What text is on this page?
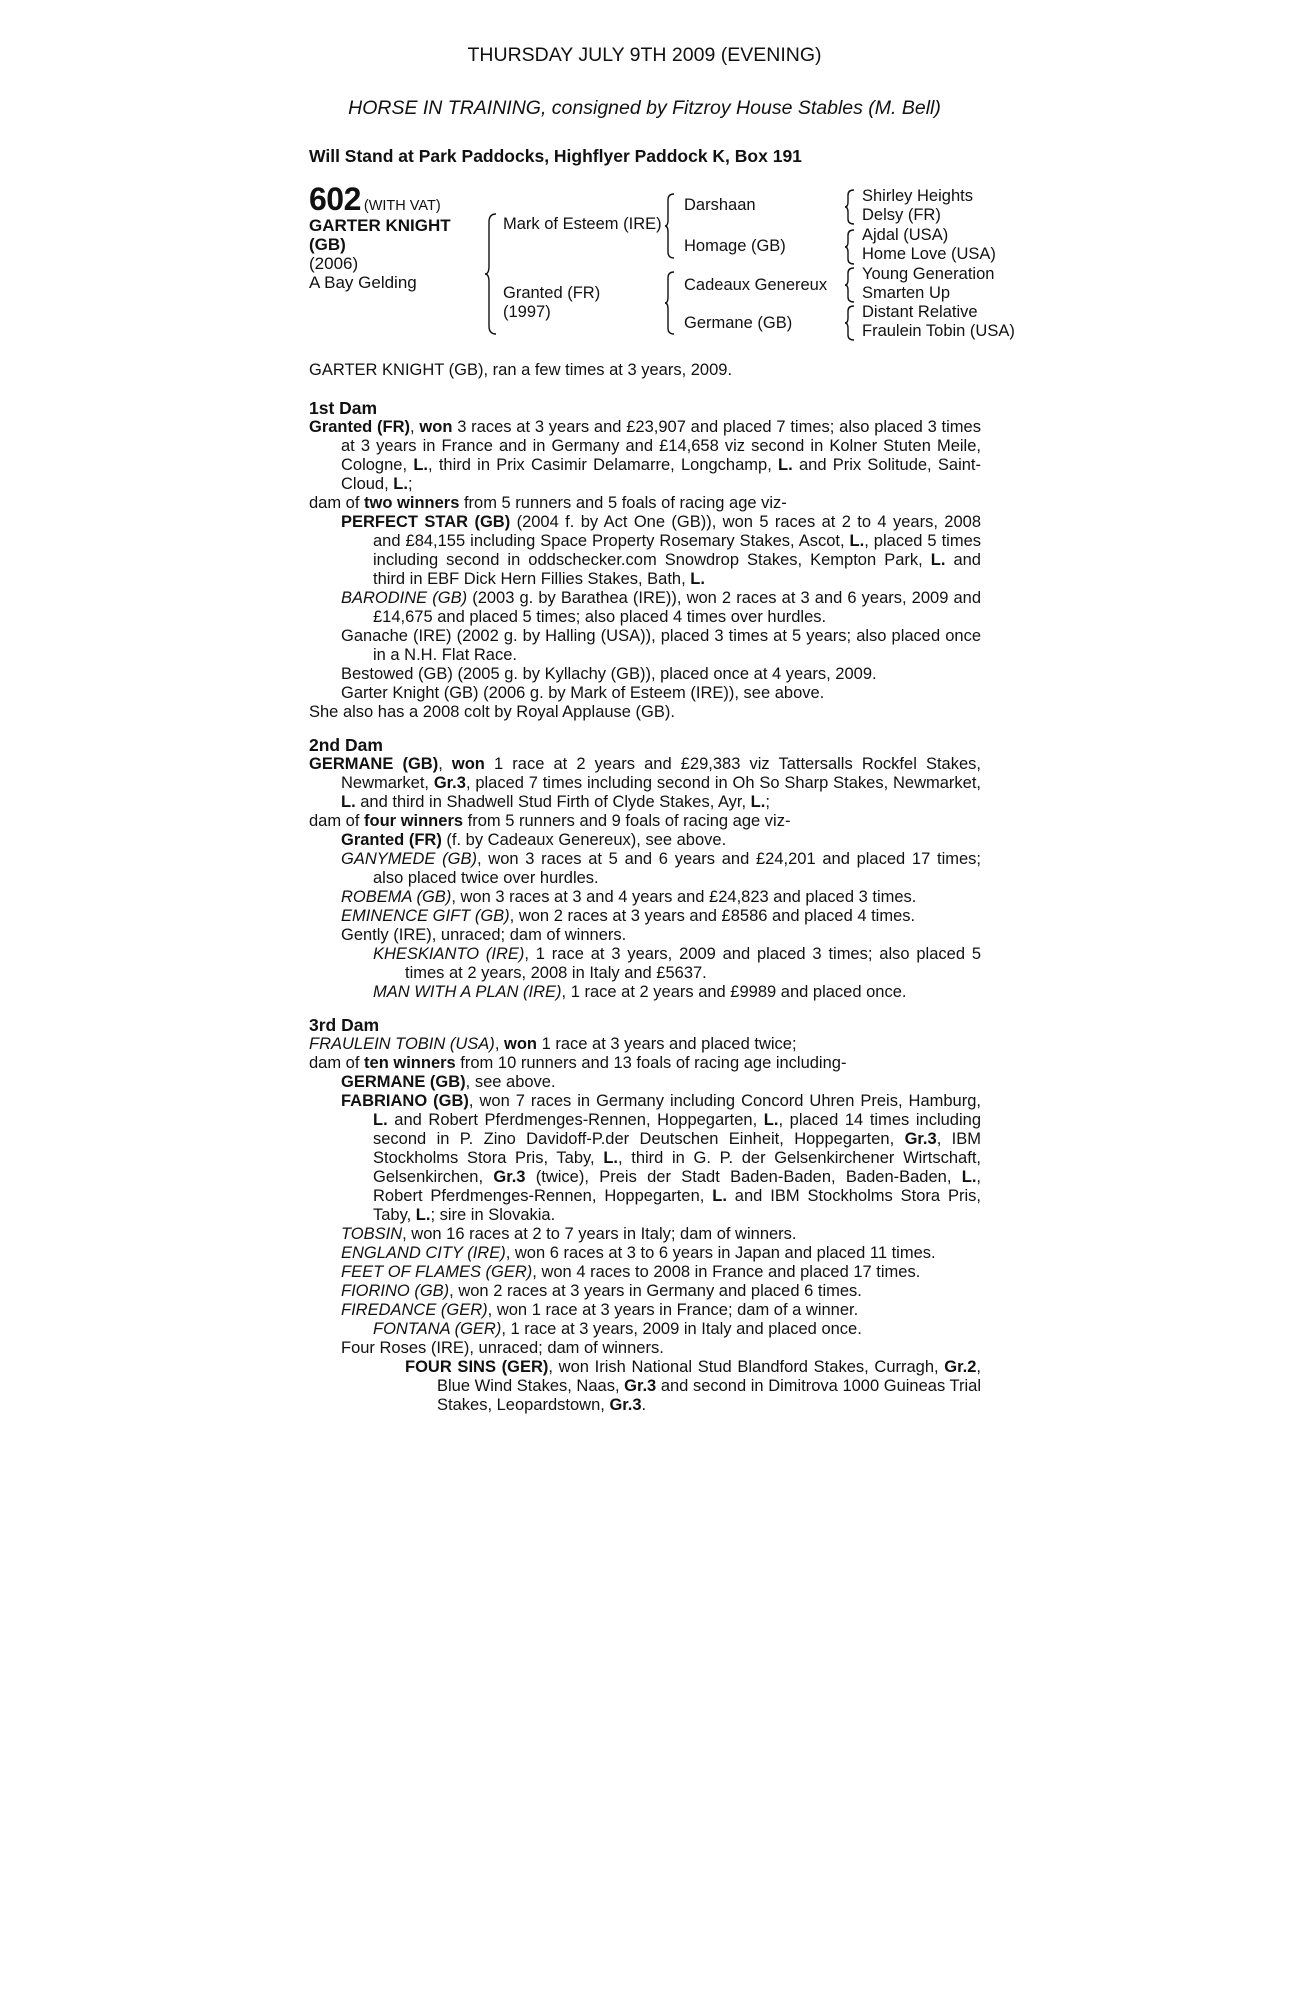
THURSDAY JULY 9TH 2009 (EVENING)
HORSE IN TRAINING, consigned by Fitzroy House Stables (M. Bell)
Will Stand at Park Paddocks, Highflyer Paddock K, Box 191
602 (WITH VAT)
GARTER KNIGHT
(GB)
(2006)
A Bay Gelding
Mark of Esteem (IRE)
Granted (FR)
(1997)
Darshaan
Homage (GB)
Cadeaux Genereux
Germane (GB)
Shirley Heights
Delsy (FR)
Ajdal (USA)
Home Love (USA)
Young Generation
Smarten Up
Distant Relative
Fraulein Tobin (USA)
GARTER KNIGHT (GB), ran a few times at 3 years, 2009.
1st Dam
Granted (FR), won 3 races at 3 years and £23,907 and placed 7 times; also placed 3 times at 3 years in France and in Germany and £14,658 viz second in Kolner Stuten Meile, Cologne, L., third in Prix Casimir Delamarre, Longchamp, L. and Prix Solitude, Saint-Cloud, L.;
dam of two winners from 5 runners and 5 foals of racing age viz-
PERFECT STAR (GB) (2004 f. by Act One (GB)), won 5 races at 2 to 4 years, 2008 and £84,155 including Space Property Rosemary Stakes, Ascot, L., placed 5 times including second in oddschecker.com Snowdrop Stakes, Kempton Park, L. and third in EBF Dick Hern Fillies Stakes, Bath, L.
BARODINE (GB) (2003 g. by Barathea (IRE)), won 2 races at 3 and 6 years, 2009 and £14,675 and placed 5 times; also placed 4 times over hurdles.
Ganache (IRE) (2002 g. by Halling (USA)), placed 3 times at 5 years; also placed once in a N.H. Flat Race.
Bestowed (GB) (2005 g. by Kyllachy (GB)), placed once at 4 years, 2009.
Garter Knight (GB) (2006 g. by Mark of Esteem (IRE)), see above.
She also has a 2008 colt by Royal Applause (GB).
2nd Dam
GERMANE (GB), won 1 race at 2 years and £29,383 viz Tattersalls Rockfel Stakes, Newmarket, Gr.3, placed 7 times including second in Oh So Sharp Stakes, Newmarket, L. and third in Shadwell Stud Firth of Clyde Stakes, Ayr, L.;
dam of four winners from 5 runners and 9 foals of racing age viz-
Granted (FR) (f. by Cadeaux Genereux), see above.
GANYMEDE (GB), won 3 races at 5 and 6 years and £24,201 and placed 17 times; also placed twice over hurdles.
ROBEMA (GB), won 3 races at 3 and 4 years and £24,823 and placed 3 times.
EMINENCE GIFT (GB), won 2 races at 3 years and £8586 and placed 4 times.
Gently (IRE), unraced; dam of winners.
KHESKIANTO (IRE), 1 race at 3 years, 2009 and placed 3 times; also placed 5 times at 2 years, 2008 in Italy and £5637.
MAN WITH A PLAN (IRE), 1 race at 2 years and £9989 and placed once.
3rd Dam
FRAULEIN TOBIN (USA), won 1 race at 3 years and placed twice;
dam of ten winners from 10 runners and 13 foals of racing age including-
GERMANE (GB), see above.
FABRIANO (GB), won 7 races in Germany including Concord Uhren Preis, Hamburg, L. and Robert Pferdmenges-Rennen, Hoppegarten, L., placed 14 times including second in P. Zino Davidoff-P.der Deutschen Einheit, Hoppegarten, Gr.3, IBM Stockholms Stora Pris, Taby, L., third in G. P. der Gelsenkirchener Wirtschaft, Gelsenkirchen, Gr.3 (twice), Preis der Stadt Baden-Baden, Baden-Baden, L., Robert Pferdmenges-Rennen, Hoppegarten, L. and IBM Stockholms Stora Pris, Taby, L.; sire in Slovakia.
TOBSIN, won 16 races at 2 to 7 years in Italy; dam of winners.
ENGLAND CITY (IRE), won 6 races at 3 to 6 years in Japan and placed 11 times.
FEET OF FLAMES (GER), won 4 races to 2008 in France and placed 17 times.
FIORINO (GB), won 2 races at 3 years in Germany and placed 6 times.
FIREDANCE (GER), won 1 race at 3 years in France; dam of a winner.
FONTANA (GER), 1 race at 3 years, 2009 in Italy and placed once.
Four Roses (IRE), unraced; dam of winners.
FOUR SINS (GER), won Irish National Stud Blandford Stakes, Curragh, Gr.2, Blue Wind Stakes, Naas, Gr.3 and second in Dimitrova 1000 Guineas Trial Stakes, Leopardstown, Gr.3.
